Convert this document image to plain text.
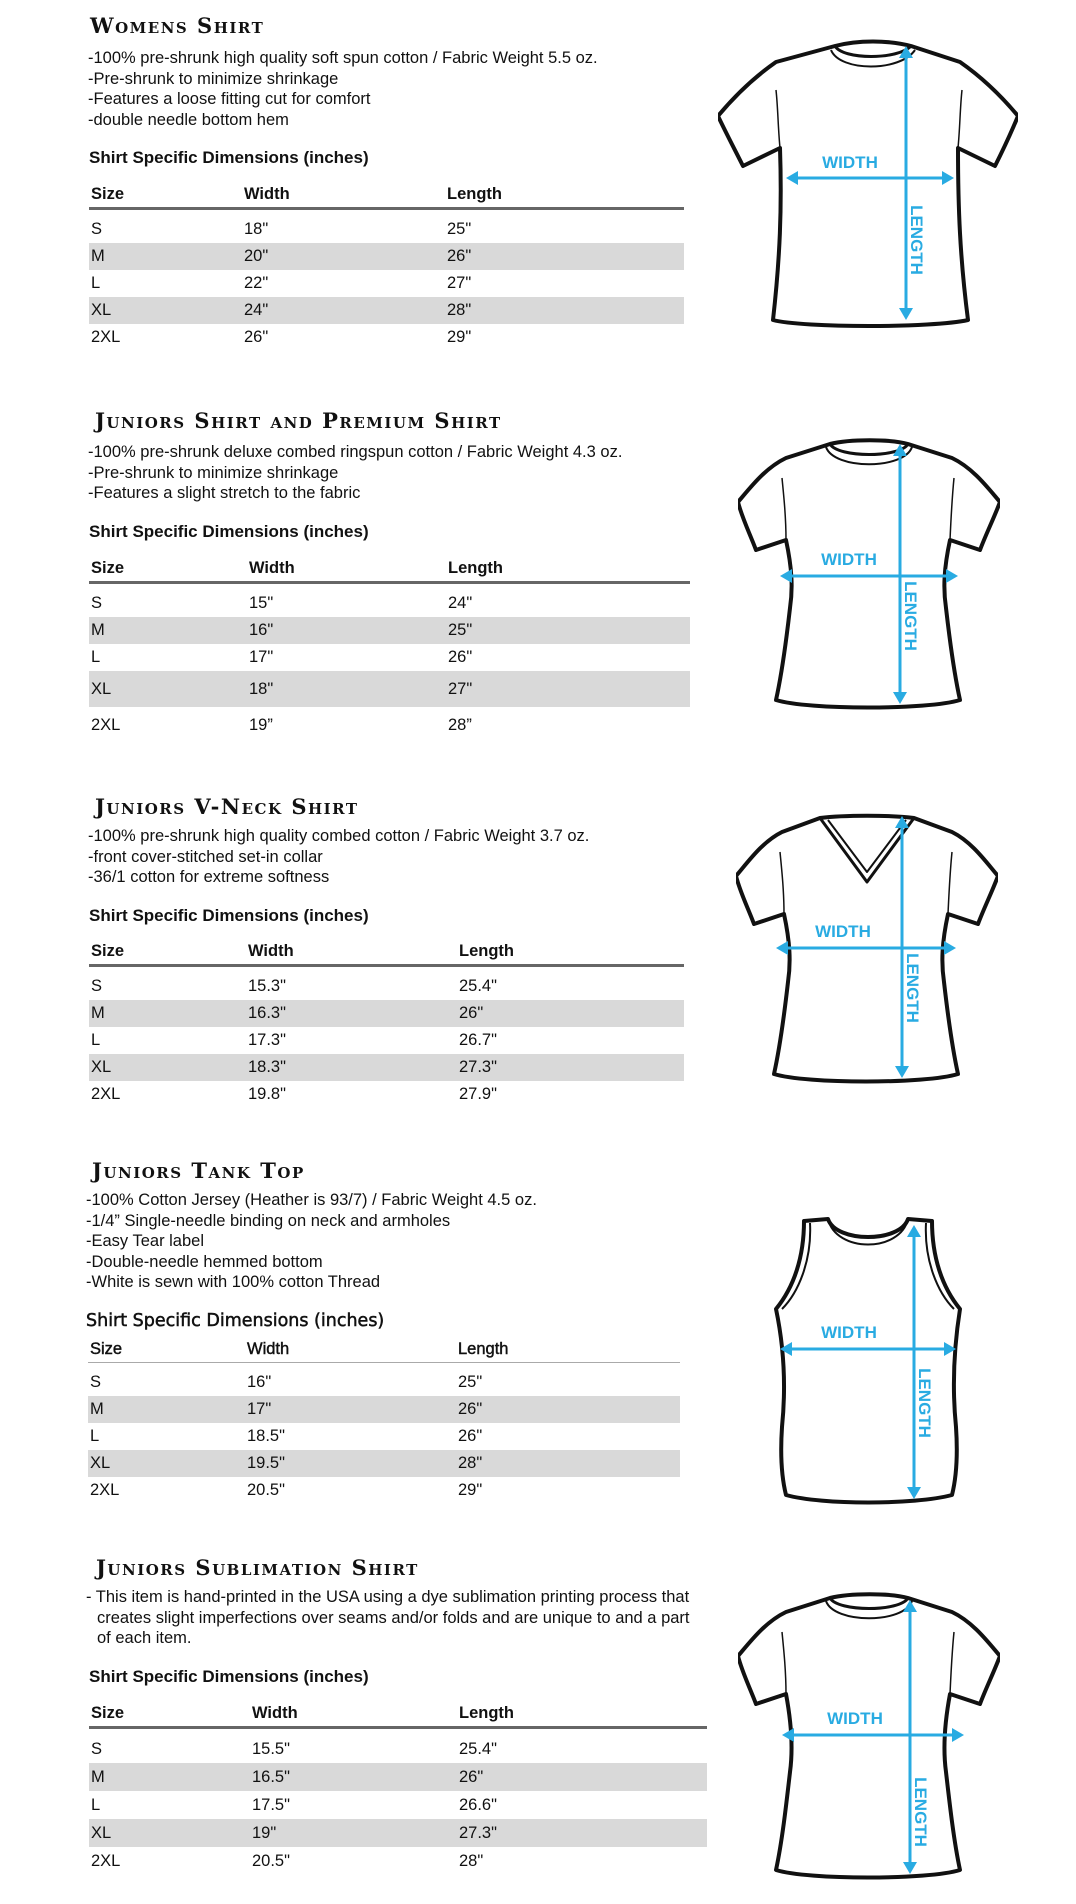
Womens Shirt
-100% pre-shrunk high quality soft spun cotton / Fabric Weight 5.5 oz.
-Pre-shrunk to minimize shrinkage
-Features a loose fitting cut for comfort
-double needle bottom hem
Shirt Specific Dimensions (inches)
Size	Width	Length

S	18"	25"
M	20"	26"
L	22"	27"
XL	24"	28"
2XL	26"	29"
WIDTH
LENGTH
Juniors Shirt and Premium Shirt
-100% pre-shrunk deluxe combed ringspun cotton / Fabric Weight 4.3 oz.
-Pre-shrunk to minimize shrinkage
-Features a slight stretch to the fabric
Shirt Specific Dimensions (inches)
Size	Width	Length

S	15"	24"
M	16"	25"
L	17"	26"
XL	18"	27"
2XL	19”	28”
WIDTH
LENGTH
Juniors V-Neck Shirt
-100% pre-shrunk high quality combed cotton / Fabric Weight 3.7 oz.
-front cover-stitched set-in collar
-36/1 cotton for extreme softness
Shirt Specific Dimensions (inches)
Size	Width	Length

S	15.3"	25.4"
M	16.3"	26"
L	17.3"	26.7"
XL	18.3"	27.3"
2XL	19.8"	27.9"
WIDTH
LENGTH
Juniors Tank Top
-100% Cotton Jersey (Heather is 93/7) / Fabric Weight 4.5 oz.
-1/4” Single-needle binding on neck and armholes
-Easy Tear label
-Double-needle hemmed bottom
-White is sewn with 100% cotton Thread
Shirt Specific Dimensions (inches)
Size	Width	Length

S	16"	25"
M	17"	26"
L	18.5"	26"
XL	19.5"	28"
2XL	20.5"	29"
WIDTH
LENGTH
Juniors Sublimation Shirt
- This item is hand-printed in the USA using a dye sublimation printing process that creates slight imperfections over seams and/or folds and are unique to and a part of each item.
Shirt Specific Dimensions (inches)
Size	Width	Length

S	15.5"	25.4"
M	16.5"	26"
L	17.5"	26.6"
XL	19"	27.3"
2XL	20.5"	28"
WIDTH
LENGTH
